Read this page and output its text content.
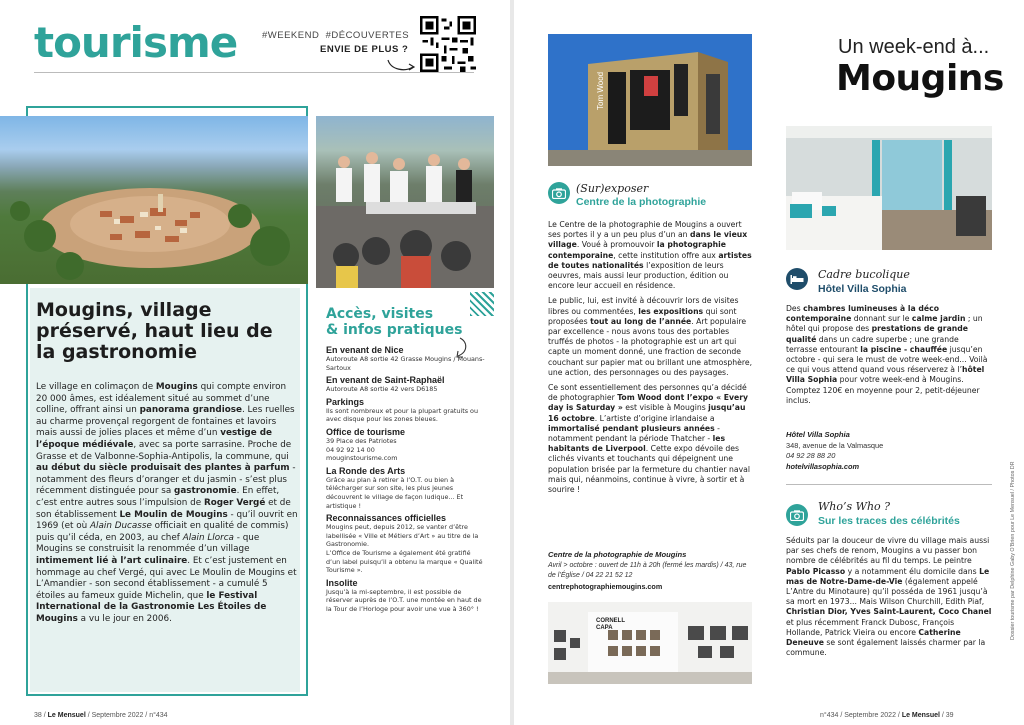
tourisme	#WEEKEND  #DÉCOUVERTES
ENVIE DE PLUS ?
Mougins, village préservé, haut lieu de la gastronomie
Le village en colimaçon de Mougins qui compte environ 20 000 âmes, est idéalement situé au sommet d’une colline, offrant ainsi un panorama grandiose. Les ruelles au charme provençal regorgent de fontaines et lavoirs mais aussi de jolies places et même d’un vestige de l’époque médiévale, avec sa porte sarrasine. Proche de Grasse et de Valbonne-Sophia-Antipolis, la commune, qui au début du siècle produisait des plantes à parfum - notamment des fleurs d’oranger et du jasmin - s’est plus récemment distinguée pour sa gastronomie. En effet, c’est entre autres sous l’impulsion de Roger Vergé et de son établissement Le Moulin de Mougins - qu’il ouvrit en 1969 (et où Alain Ducasse officiait en qualité de commis) puis qu’il céda, en 2003, au chef Alain Llorca - que Mougins se construisit la renommée d’un village intimement lié à l’art culinaire. Et c’est justement en hommage au chef Vergé, qui avec Le Moulin de Mougins et L’Amandier - son second établissement - a cumulé 5 étoiles au fameux guide Michelin, que le Festival International de la Gastronomie Les Étoiles de Mougins a vu le jour en 2006.
Accès, visites
& infos pratiques
En venant de Nice

Autoroute A8 sortie 42 Grasse Mougins / Mouans-Sartoux

En venant de Saint-Raphaël

Autoroute A8 sortie 42 vers D6185

Parkings

Ils sont nombreux et pour la plupart gratuits ou avec disque pour les zones bleues.

Office de tourisme

39 Place des Patriotes
04 92 92 14 00
mouginstourisme.com

La Ronde des Arts

Grâce au plan à retirer à l’O.T. ou bien à télécharger sur son site, les plus jeunes découvrent le village de façon ludique... Et artistique !

Reconnaissances officielles

Mougins peut, depuis 2012, se vanter d’être labellisée « Ville et Métiers d’Art » au titre de la Gastronomie.
L’Office de Tourisme a également été gratifié d’un label puisqu’il a obtenu la marque « Qualité Tourisme ».

Insolite

Jusqu’à la mi-septembre, il est possible de réserver auprès de l’O.T. une montée en haut de la Tour de l’Horloge pour avoir une vue à 360° !

38 / Le Mensuel / Septembre 2022 / n°434
Tom Wood
Un week-end à...
Mougins
(Sur)exposer
Centre de la photographie

Le Centre de la photographie de Mougins a ouvert ses portes il y a un peu plus d’un an dans le vieux village. Voué à promouvoir la photographie contemporaine, cette institution offre aux artistes de toutes nationalités l’exposition de leurs oeuvres, mais aussi leur production, édition ou encore leur accueil en résidence.

Le public, lui, est invité à découvrir lors de visites libres ou commentées, les expositions qui sont proposées tout au long de l’année. Art populaire par excellence - nous avons tous des portables truffés de photos - la photographie est un art qui capte un moment donné, une fraction de seconde couchant sur papier mat ou brillant une atmosphère, une action, des personnages ou des paysages.

Ce sont essentiellement des personnes qu’a décidé de photographier Tom Wood dont l’expo « Every day is Saturday » est visible à Mougins jusqu’au 16 octobre. L’artiste d’origine irlandaise a immortalisé pendant plusieurs années - notamment pendant la période Thatcher - les habitants de Liverpool. Cette expo dévoile des clichés vivants et touchants qui dépeignent une population brisée par la fermeture du chantier naval mais qui, néanmoins, continue à vivre, à sortir et à sourire !

Centre de la photographie de Mougins
Avril > octobre : ouvert de 11h à 20h (fermé les mardis) / 43, rue de l’Église / 04 22 21 52 12
centrephotographiemougins.com
CORNELL CAPA
Cadre bucolique
Hôtel Villa Sophia
Des chambres lumineuses à la déco contemporaine donnant sur le calme jardin ; un hôtel qui propose des prestations de grande qualité dans un cadre superbe ; une grande terrasse entourant la piscine - chauffée jusqu’en octobre - qui sera le must de votre week-end... Voilà ce qui vous attend quand vous réserverez à l’hôtel Villa Sophia pour votre week-end à Mougins. Comptez 120€ en moyenne pour 2, petit-déjeuner inclus.
Hôtel Villa Sophia
348, avenue de la Valmasque
04 92 28 88 20
hotelvillasophia.com
Who’s Who ?
Sur les traces des célébrités
Séduits par la douceur de vivre du village mais aussi par ses chefs de renom, Mougins a vu passer bon nombre de célébrités au fil du temps. Le peintre Pablo Picasso y a notamment élu domicile dans Le mas de Notre-Dame-de-Vie (également appelé L’Antre du Minotaure) qu’il posséda de 1961 jusqu’à sa mort en 1973... Mais Wilson Churchill, Edith Piaf, Christian Dior, Yves Saint-Laurent, Coco Chanel et plus récemment Franck Dubosc, François Hollande, Patrick Vieira ou encore Catherine Deneuve se sont également laissés charmer par la commune.
Dossier tourisme par Delphine Gaby O’Brien pour Le Mensuel / Photos DR
n°434 / Septembre 2022 / Le Mensuel / 39
